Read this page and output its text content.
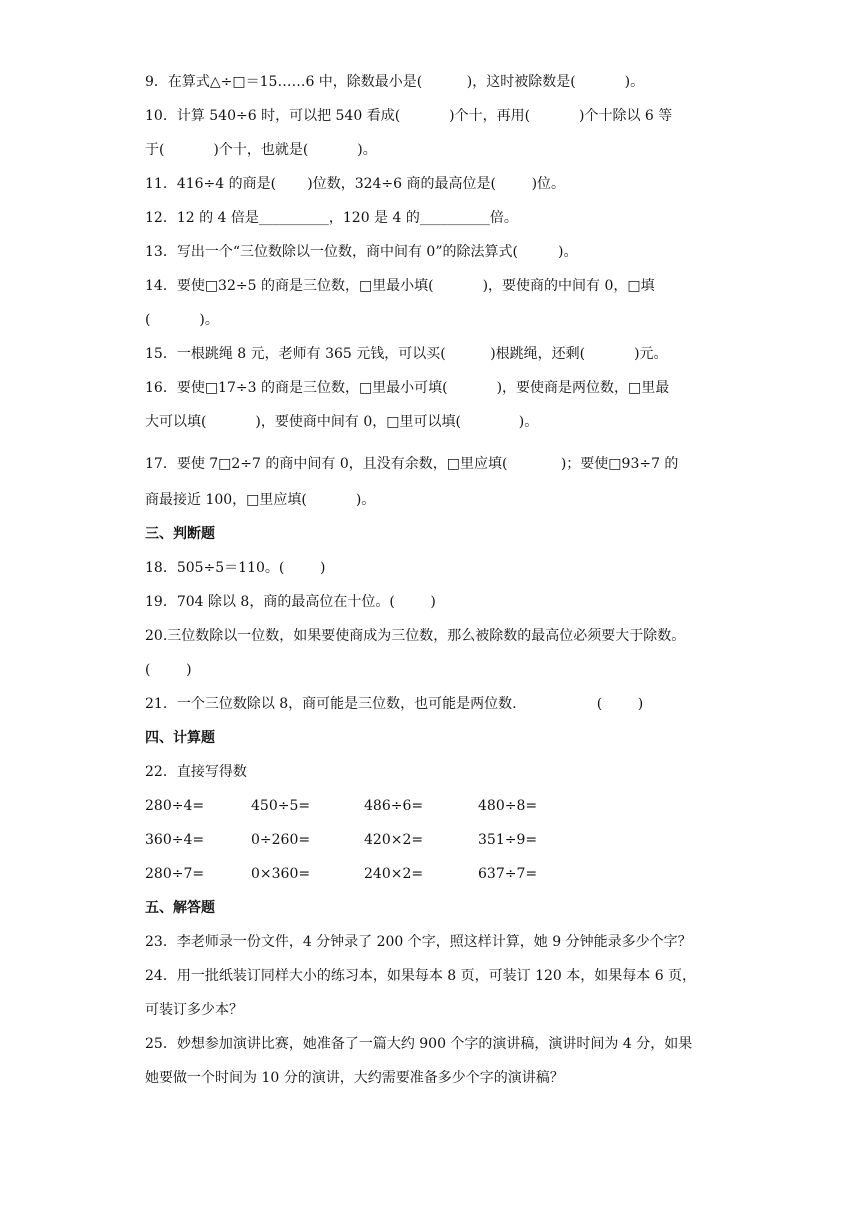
9．在算式△÷□＝15……6 中，除数最小是(          )，这时被除数是(           )。
10．计算 540÷6 时，可以把 540 看成(           )个十，再用(           )个十除以 6 等
于(           )个十，也就是(           )。
11．416÷4 的商是(       )位数，324÷6 商的最高位是(        )位。
12．12 的 4 倍是__________，120 是 4 的__________倍。
13．写出一个“三位数除以一位数，商中间有 0”的除法算式(         )。
14．要使□32÷5 的商是三位数，□里最小填(           )，要使商的中间有 0，□填
(           )。
15．一根跳绳 8 元，老师有 365 元钱，可以买(          )根跳绳，还剩(           )元。
16．要使□17÷3 的商是三位数，□里最小可填(           )，要使商是两位数，□里最
大可以填(           )，要使商中间有 0，□里可以填(             )。
17．要使 7□2÷7 的商中间有 0，且没有余数，□里应填(            )；要使□93÷7 的
商最接近 100，□里应填(           )。
三、判断题
18．505÷5＝110。(        )
19．704 除以 8，商的最高位在十位。(        )
20.三位数除以一位数，如果要使商成为三位数，那么被除数的最高位必须要大于除数。
(        )
21．一个三位数除以 8，商可能是三位数，也可能是两位数.                  (        )
四、计算题
22．直接写得数
280÷4=	450÷5=	486÷6=	480÷8=
360÷4=	0÷260=	420×2=	351÷9=
280÷7=	0×360=	240×2=	637÷7=
五、解答题
23．李老师录一份文件，4 分钟录了 200 个字，照这样计算，她 9 分钟能录多少个字？
24．用一批纸装订同样大小的练习本，如果每本 8 页，可装订 120 本，如果每本 6 页，
可装订多少本？
25．妙想参加演讲比赛，她准备了一篇大约 900 个字的演讲稿，演讲时间为 4 分，如果
她要做一个时间为 10 分的演讲，大约需要准备多少个字的演讲稿？
